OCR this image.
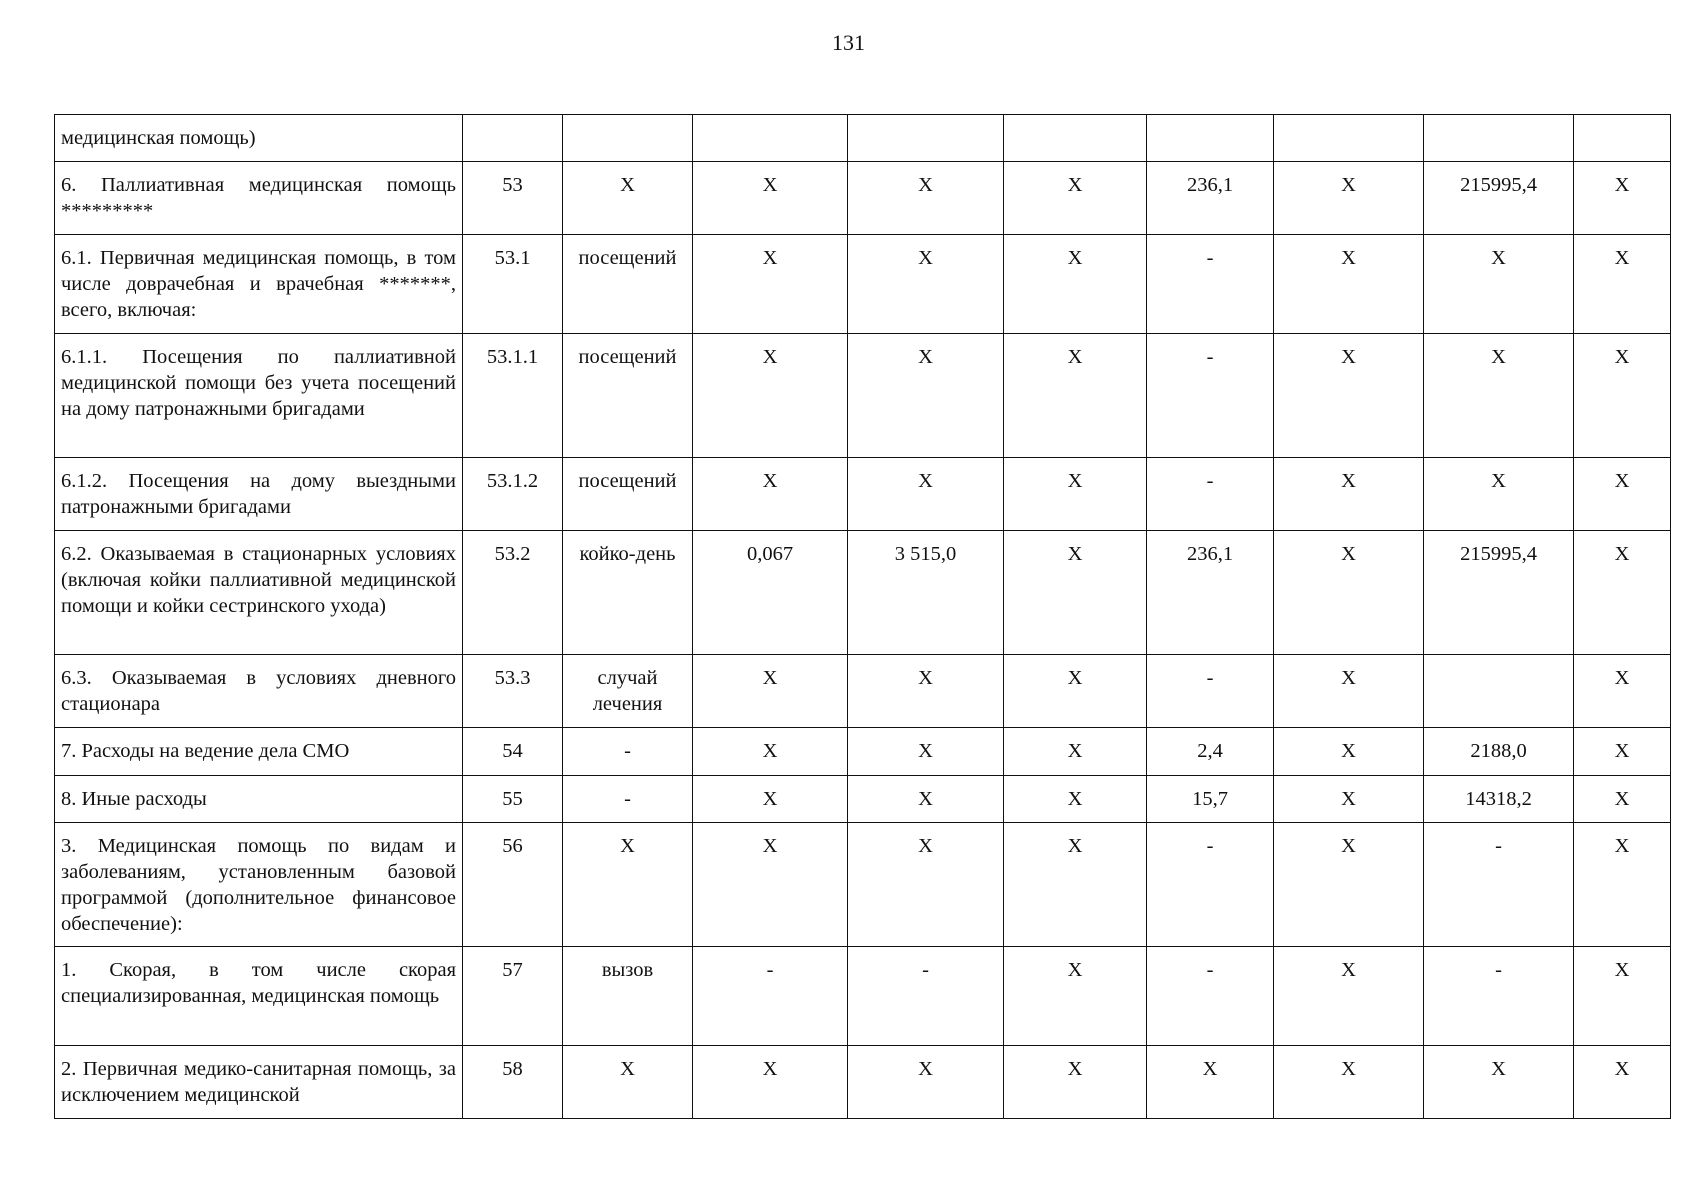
131
медицинская помощь)									
6. Паллиативная медицинская помощь *********	53	Х	Х	Х	Х	236,1	Х	215995,4	Х
6.1. Первичная медицинская помощь, в том числе доврачебная и врачебная *******, всего, включая:	53.1	посещений	Х	Х	Х	-	Х	Х	Х
6.1.1. Посещения по паллиативной медицинской помощи без учета посещений на дому патронажными бригадами	53.1.1	посещений	Х	Х	Х	-	Х	Х	Х
6.1.2. Посещения на дому выездными патронажными бригадами	53.1.2	посещений	Х	Х	Х	-	Х	Х	Х
6.2. Оказываемая в стационарных условиях (включая койки паллиативной медицинской помощи и койки сестринского ухода)	53.2	койко-день	0,067	3 515,0	Х	236,1	Х	215995,4	Х
6.3. Оказываемая в условиях дневного стационара	53.3	случай лечения	Х	Х	Х	-	Х		Х
7. Расходы на ведение дела СМО	54	-	Х	Х	Х	2,4	Х	2188,0	Х
8. Иные расходы	55	-	Х	Х	Х	15,7	Х	14318,2	Х
3. Медицинская помощь по видам и заболеваниям, установленным базовой программой (дополнительное финансовое обеспечение):	56	Х	Х	Х	Х	-	Х	-	Х
1. Скорая, в том числе скорая специализированная, медицинская помощь	57	вызов	-	-	Х	-	Х	-	Х
2. Первичная медико-санитарная помощь, за исключением медицинской	58	Х	Х	Х	Х	Х	Х	Х	Х
